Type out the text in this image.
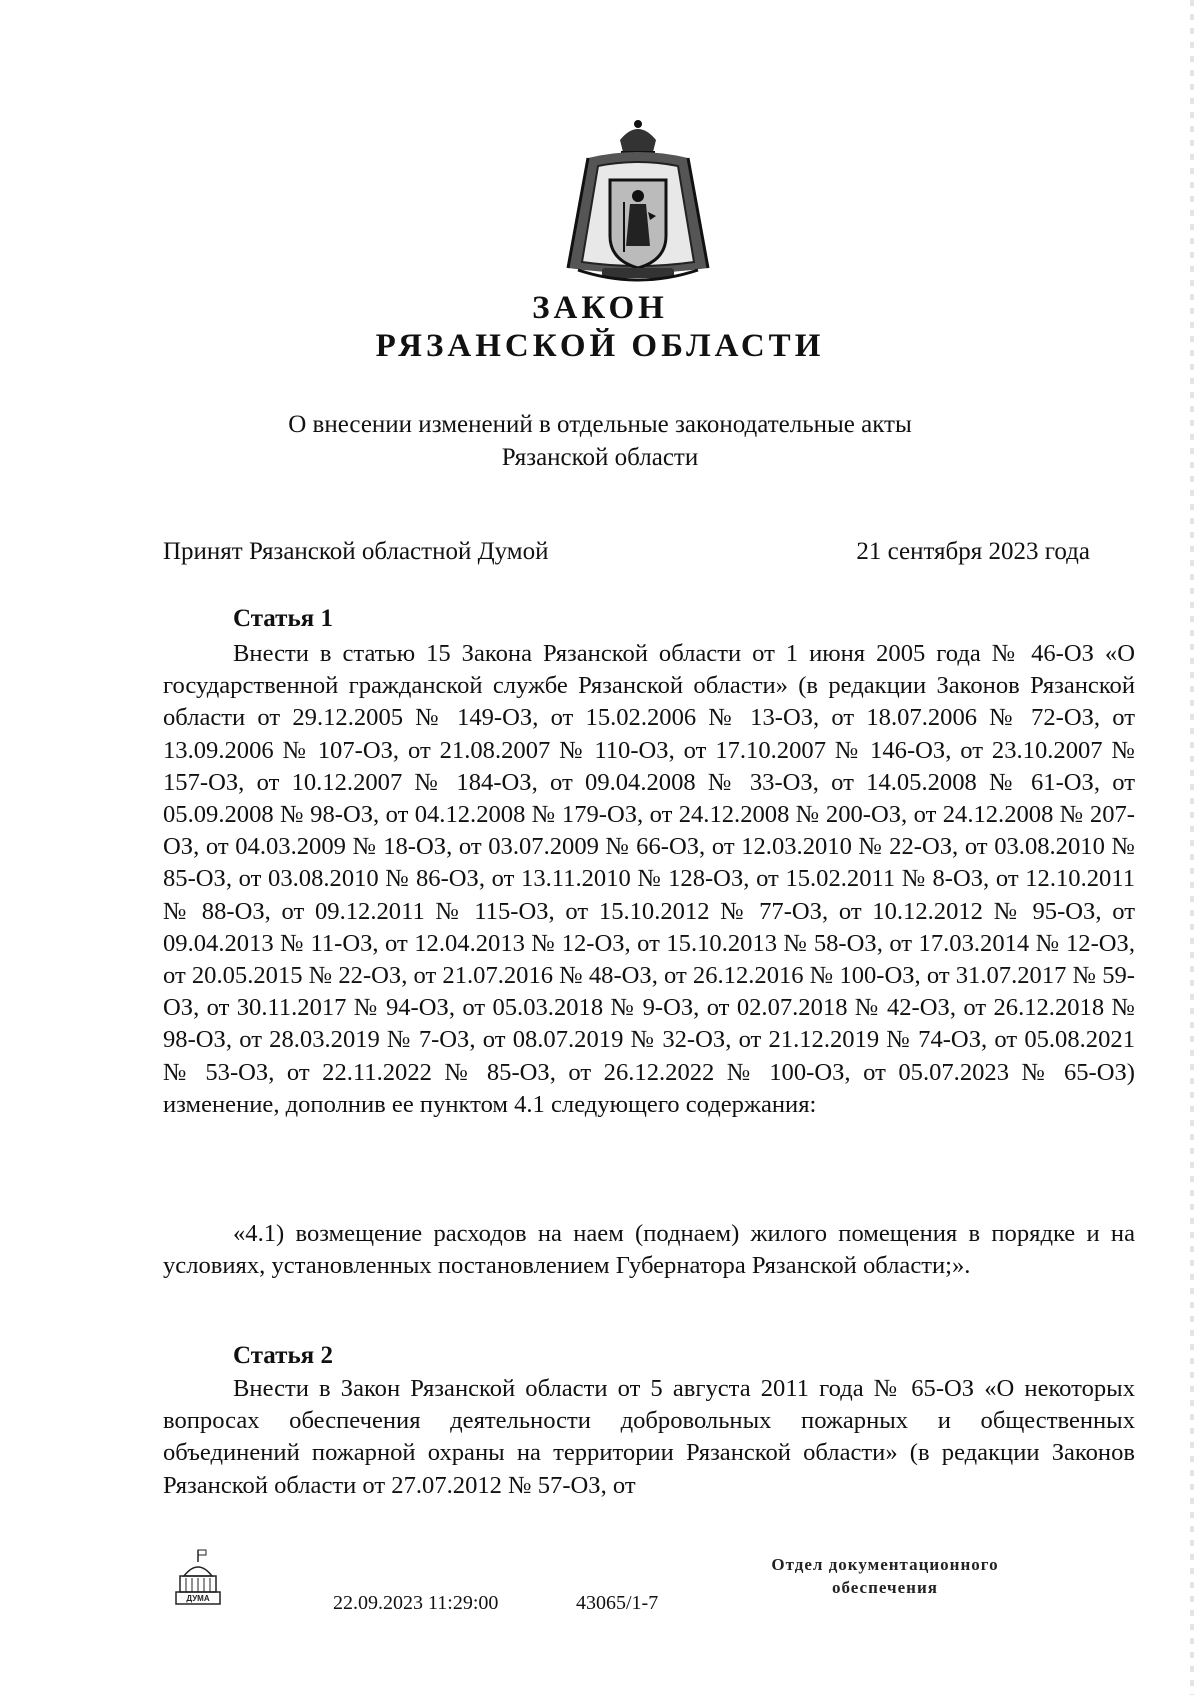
ЗАКОН
РЯЗАНСКОЙ ОБЛАСТИ
О внесении изменений в отдельные законодательные акты
Рязанской области
Принят Рязанской областной Думой	21 сентября 2023 года
Статья 1

Внести в статью 15 Закона Рязанской области от 1 июня 2005 года № 46-ОЗ «О государственной гражданской службе Рязанской области» (в редакции Законов Рязанской области от 29.12.2005 № 149-ОЗ, от 15.02.2006 № 13-ОЗ, от 18.07.2006 № 72-ОЗ, от 13.09.2006 № 107-ОЗ, от 21.08.2007 № 110-ОЗ, от 17.10.2007 № 146-ОЗ, от 23.10.2007 № 157-ОЗ, от 10.12.2007 № 184-ОЗ, от 09.04.2008 № 33-ОЗ, от 14.05.2008 № 61-ОЗ, от 05.09.2008 № 98-ОЗ, от 04.12.2008 № 179-ОЗ, от 24.12.2008 № 200-ОЗ, от 24.12.2008 № 207-ОЗ, от 04.03.2009 № 18-ОЗ, от 03.07.2009 № 66-ОЗ, от 12.03.2010 № 22-ОЗ, от 03.08.2010 № 85-ОЗ, от 03.08.2010 № 86-ОЗ, от 13.11.2010 № 128-ОЗ, от 15.02.2011 № 8-ОЗ, от 12.10.2011 № 88-ОЗ, от 09.12.2011 № 115-ОЗ, от 15.10.2012 № 77-ОЗ, от 10.12.2012 № 95-ОЗ, от 09.04.2013 № 11-ОЗ, от 12.04.2013 № 12-ОЗ, от 15.10.2013 № 58-ОЗ, от 17.03.2014 № 12-ОЗ, от 20.05.2015 № 22-ОЗ, от 21.07.2016 № 48-ОЗ, от 26.12.2016 № 100-ОЗ, от 31.07.2017 № 59-ОЗ, от 30.11.2017 № 94-ОЗ, от 05.03.2018 № 9-ОЗ, от 02.07.2018 № 42-ОЗ, от 26.12.2018 № 98-ОЗ, от 28.03.2019 № 7-ОЗ, от 08.07.2019 № 32-ОЗ, от 21.12.2019 № 74-ОЗ, от 05.08.2021 № 53-ОЗ, от 22.11.2022 № 85-ОЗ, от 26.12.2022 № 100-ОЗ, от 05.07.2023 № 65-ОЗ) изменение, дополнив ее пунктом 4.1 следующего содержания:

«4.1) возмещение расходов на наем (поднаем) жилого помещения в порядке и на условиях, установленных постановлением Губернатора Рязанской области;».

Статья 2

Внести в Закон Рязанской области от 5 августа 2011 года № 65-ОЗ «О некоторых вопросах обеспечения деятельности добровольных пожарных и общественных объединений пожарной охраны на территории Рязанской области» (в редакции Законов Рязанской области от 27.07.2012 № 57-ОЗ, от

ДУМА	22.09.2023 11:29:00	43065/1-7
Отдел документационного обеспечения
